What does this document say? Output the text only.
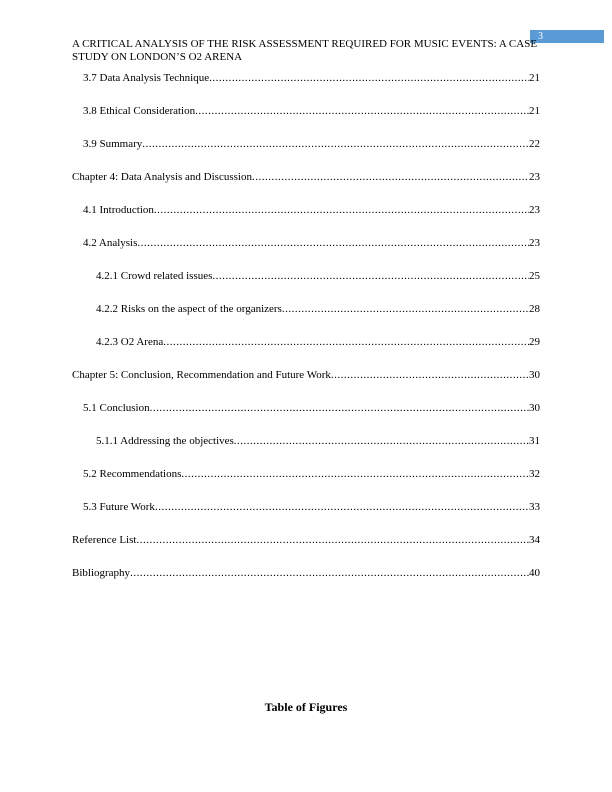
3
A CRITICAL ANALYSIS OF THE RISK ASSESSMENT REQUIRED FOR MUSIC EVENTS: A CASE STUDY ON LONDON’S O2 ARENA
3.7 Data Analysis Technique .....	21
3.8 Ethical Consideration .....	21
3.9 Summary .....	22
Chapter 4: Data Analysis and Discussion .....	23
4.1 Introduction .....	23
4.2 Analysis .....	23
4.2.1 Crowd related issues .....	25
4.2.2 Risks on the aspect of the organizers .....	28
4.2.3 O2 Arena .....	29
Chapter 5: Conclusion, Recommendation and Future Work .....	30
5.1 Conclusion .....	30
5.1.1 Addressing the objectives .....	31
5.2 Recommendations .....	32
5.3 Future Work .....	33
Reference List .....	34
Bibliography .....	40
Table of Figures
